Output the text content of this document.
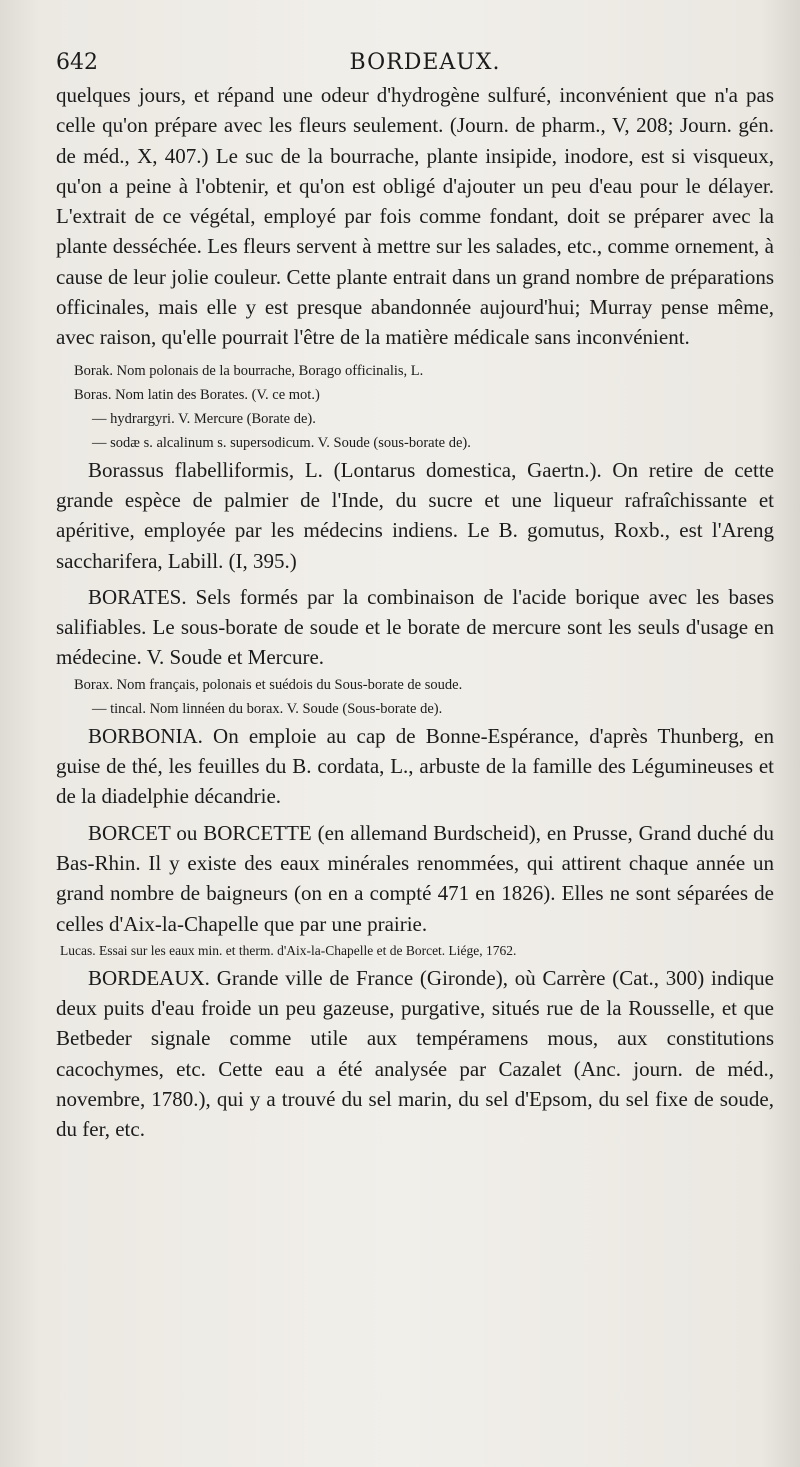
642	BORDEAUX.

quelques jours, et répand une odeur d'hydrogène sulfuré, inconvénient que n'a pas celle qu'on prépare avec les fleurs seulement. (Journ. de pharm., V, 208; Journ. gén. de méd., X, 407.) Le suc de la bourrache, plante insipide, inodore, est si visqueux, qu'on a peine à l'obtenir, et qu'on est obligé d'ajouter un peu d'eau pour le délayer. L'extrait de ce végétal, employé par fois comme fondant, doit se préparer avec la plante desséchée. Les fleurs servent à mettre sur les salades, etc., comme ornement, à cause de leur jolie couleur. Cette plante entrait dans un grand nombre de préparations officinales, mais elle y est presque abandonnée aujourd'hui; Murray pense même, avec raison, qu'elle pourrait l'être de la matière médicale sans inconvénient.

Borak. Nom polonais de la bourrache, Borago officinalis, L.

Boras. Nom latin des Borates. (V. ce mot.)

— hydrargyri. V. Mercure (Borate de).

— sodæ s. alcalinum s. supersodicum. V. Soude (sous-borate de).

Borassus flabelliformis, L. (Lontarus domestica, Gaertn.). On retire de cette grande espèce de palmier de l'Inde, du sucre et une liqueur rafraîchissante et apéritive, employée par les médecins indiens. Le B. gomutus, Roxb., est l'Areng saccharifera, Labill. (I, 395.)

BORATES. Sels formés par la combinaison de l'acide borique avec les bases salifiables. Le sous-borate de soude et le borate de mercure sont les seuls d'usage en médecine. V. Soude et Mercure.

Borax. Nom français, polonais et suédois du Sous-borate de soude.

— tincal. Nom linnéen du borax. V. Soude (Sous-borate de).

BORBONIA. On emploie au cap de Bonne-Espérance, d'après Thunberg, en guise de thé, les feuilles du B. cordata, L., arbuste de la famille des Légumineuses et de la diadelphie décandrie.

BORCET ou BORCETTE (en allemand Burdscheid), en Prusse, Grand duché du Bas-Rhin. Il y existe des eaux minérales renommées, qui attirent chaque année un grand nombre de baigneurs (on en a compté 471 en 1826). Elles ne sont séparées de celles d'Aix-la-Chapelle que par une prairie.

Lucas. Essai sur les eaux min. et therm. d'Aix-la-Chapelle et de Borcet. Liége, 1762.

BORDEAUX. Grande ville de France (Gironde), où Carrère (Cat., 300) indique deux puits d'eau froide un peu gazeuse, purgative, situés rue de la Rousselle, et que Betbeder signale comme utile aux tempéramens mous, aux constitutions cacochymes, etc. Cette eau a été analysée par Cazalet (Anc. journ. de méd., novembre, 1780.), qui y a trouvé du sel marin, du sel d'Epsom, du sel fixe de soude, du fer, etc.
